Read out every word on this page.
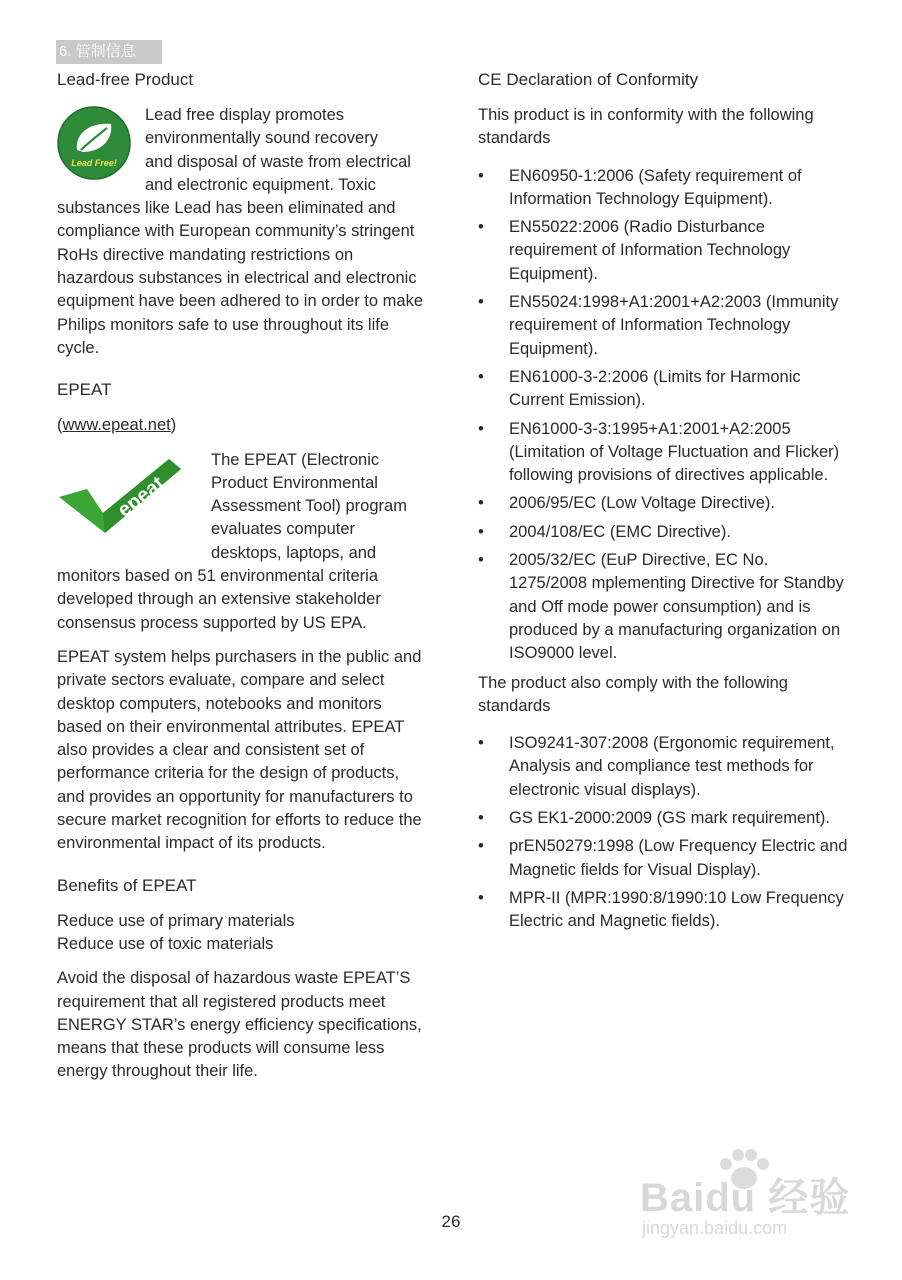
6. 管制信息
Lead-free Product
Lead Free!
Lead free display promotes
environmentally sound recovery
and disposal of waste from electrical
and electronic equipment. Toxic
substances like Lead has been eliminated and compliance with European community’s stringent RoHs directive mandating restrictions on hazardous substances in electrical and electronic equipment have been adhered to in order to make Philips monitors safe to use throughout its life cycle.
EPEAT

(www.epeat.net)

epeat
The EPEAT (Electronic
Product Environmental
Assessment Tool) program
evaluates computer
desktops, laptops, and monitors based on 51 environmental criteria developed through an extensive stakeholder consensus process supported by US EPA.

EPEAT system helps purchasers in the public and private sectors evaluate, compare and select desktop computers, notebooks and monitors based on their environmental attributes. EPEAT also provides a clear and consistent set of performance criteria for the design of products, and provides an opportunity for manufacturers to secure market recognition for efforts to reduce the environmental impact of its products.

Benefits of EPEAT

Reduce use of primary materials
Reduce use of toxic materials

Avoid the disposal of hazardous waste EPEAT’S requirement that all registered products meet ENERGY STAR’s energy efficiency specifications, means that these products will consume less energy throughout their life.

CE Declaration of Conformity

This product is in conformity with the following standards

• EN60950-1:2006 (Safety requirement of Information Technology Equipment).
• EN55022:2006 (Radio Disturbance requirement of Information Technology Equipment).
• EN55024:1998+A1:2001+A2:2003 (Immunity requirement of Information Technology Equipment).
• EN61000-3-2:2006 (Limits for Harmonic Current Emission).
• EN61000-3-3:1995+A1:2001+A2:2005 (Limitation of Voltage Fluctuation and Flicker) following provisions of directives applicable.
• 2006/95/EC (Low Voltage Directive).
• 2004/108/EC (EMC Directive).
• 2005/32/EC (EuP Directive, EC No. 1275/2008 mplementing Directive for Standby and Off mode power consumption) and is produced by a manufacturing organization on ISO9000 level.

The product also comply with the following standards

• ISO9241-307:2008 (Ergonomic requirement, Analysis and compliance test methods for electronic visual displays).
• GS EK1-2000:2009 (GS mark requirement).
• prEN50279:1998 (Low Frequency Electric and Magnetic fields for Visual Display).
• MPR-II (MPR:1990:8/1990:10 Low Frequency Electric and Magnetic fields).
26
Baidu 经验
jingyan.baidu.com
